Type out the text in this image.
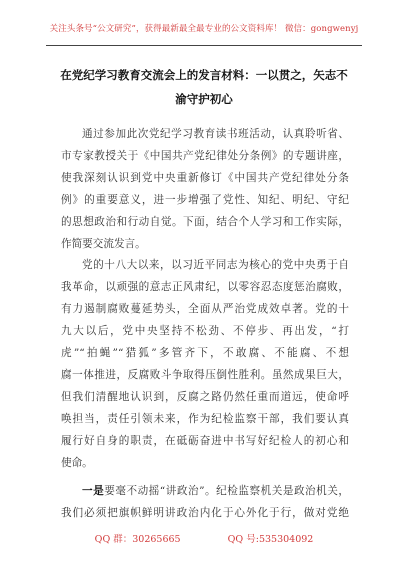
关注头条号“公文研究”，获得最新最全最专业的公文资料库！ 微信：gongwenyj
在党纪学习教育交流会上的发言材料：一以贯之，矢志不
渝守护初心
通过参加此次党纪学习教育读书班活动，认真聆听省、
市专家教授关于《中国共产党纪律处分条例》的专题讲座，
使我深刻认识到党中央重新修订《中国共产党纪律处分条
例》的重要意义，进一步增强了党性、知纪、明纪、守纪
的思想政治和行动自觉。下面，结合个人学习和工作实际，
作简要交流发言。
党的十八大以来，以习近平同志为核心的党中央勇于自
我革命，以顽强的意志正风肃纪，以零容忍态度惩治腐败，
有力遏制腐败蔓延势头，全面从严治党成效卓著。党的十
九大以后，党中央坚持不松劲、不停步、再出发，“打
虎”“拍蝇”“猎狐”多管齐下，不敢腐、不能腐、不想
腐一体推进，反腐败斗争取得压倒性胜利。虽然成果巨大，
但我们清醒地认识到，反腐之路仍然任重而道远，使命呼
唤担当，责任引领未来，作为纪检监察干部，我们要认真
履行好自身的职责，在砥砺奋进中书写好纪检人的初心和
使命。
一是要毫不动摇“讲政治”。纪检监察机关是政治机关，
我们必须把旗帜鲜明讲政治内化于心外化于行，做对党绝
QQ 群：30265665	QQ 号:535304092
